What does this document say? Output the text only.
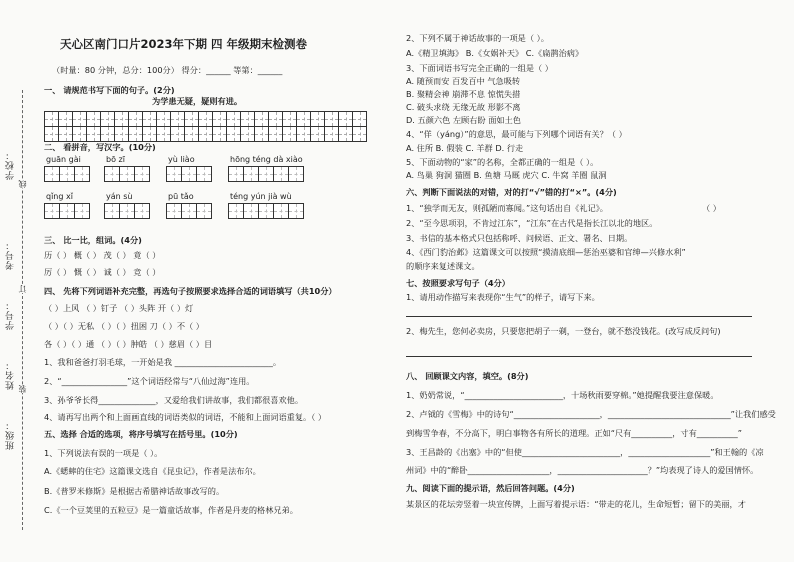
学校：
考号：
学号：
姓名：
班级：
线
订
装
天心区南门口片2023年下期 四 年级期末检测卷
（时量：80 分钟，总分：100分） 得分：______ 等第：______
一、 请规范书写下面的句子。(2分)
为学患无疑，疑则有进。
二、 看拼音，写汉字。(10分)
guān gài	bō zī	yù liào	hōng téng dà xiào
qǐng xǐ	yán sù	pū tǎo	téng yún jià wù
三、 比一比，组词。(4分)
历（ ） 概（ ） 茂（ ） 竟（ ）
厉（ ） 慨（ ） 诚（ ） 竞（ ）
四、 先将下列词语补充完整，再选句子按照要求选择合适的词语填写（共10分）
（ ）上风 （ ）钉子 （ ）头阵 开（ ）灯
（ ）（ ）无私 （ ）（ ）扭困 刀（ ）不（ ）
各（ ）（ ）通 （ ）（ ）肿皓 （ ）慈眉（ ）目
1、我和爸爸打羽毛球，一开始是我 ________________________。
2、“________________”这个词语经常与“八仙过海”连用。
3、孙爷爷长得______________，又爱给我们讲故事，我们都很喜欢他。
4、请再写出两个和上面画直线的词语类似的词语，不能和上面词语重复。（ ）
五、选择 合适的选项，将序号填写在括号里。(10分)
1、下列说法有误的一项是（ ）。
A.《蟋蟀的住宅》这篇课文选自《昆虫记》，作者是法布尔。
B.《普罗米修斯》是根据古希腊神话故事改写的。
C.《一个豆荚里的五粒豆》是一篇童话故事，作者是丹麦的格林兄弟。
2、下列不属于神话故事的一项是（ ）。
A.《精卫填海》 B.《女娲补天》 C.《扁鹊治病》
3、下面词语书写完全正确的一组是（ ）
A. 随预而安 百发百中 气急吸转
B. 聚精会神 崩滞不息 惊慌失措
C. 破头求绕 无缘无故 形影不离
D. 五颜六色 左顾右盼 面如土色
4、“佯（yáng）”的意思，最可能与下列哪个词语有关？（ ）
A. 住所 B. 假装 C. 羊群 D. 行走
5、下面动物的“家”的名称，全都正确的一组是（ ）。
A. 鸟巢 狗洞 猫圈 B. 鱼塘 马厩 虎穴 C. 牛窝 羊圈 鼠洞
六、判断下面说法的对错，对的打“√”错的打“×”。(4分)
1、“独学而无友，则孤陋而寡闻。”这句话出自《礼记》。	（ ）
2、“至今思项羽，不肯过江东”，“江东”在古代是指长江以北的地区。
3、书信的基本格式只包括称呼、问候语、正文、署名、日期。
4、《西门豹治邺》这篇课文可以按照“摸清底细—惩治巫婆和官绅—兴修水利”
的顺序来复述课文。
七、按照要求写句子（4分）
1、请用动作描写来表现你“生气”的样子，请写下来。
2、梅先生，您何必卖房，只要您把胡子一剃，一登台，就不愁没钱花。(改写成反问句)
八、 回顾课文内容，填空。(8分)
1、奶奶常说，“________________________，十场秋雨要穿棉。”她提醒我要注意保暖。
2、卢钺的《雪梅》中的诗句“_____________________，______________________________”让我们感受
到梅雪争春，不分高下，明白事物各有所长的道理。正如“尺有__________，寸有__________”
3、王昌龄的《出塞》中的“但使________________________，____________________”和王翰的《凉
州词》中的“醉卧____________________，______________________？”均表现了诗人的爱国情怀。
九、阅读下面的提示语，然后回答问题。(4分)
某景区的花坛旁竖着一块宣传牌，上面写着提示语：“带走的花儿，生命短暂；留下的美丽，才
